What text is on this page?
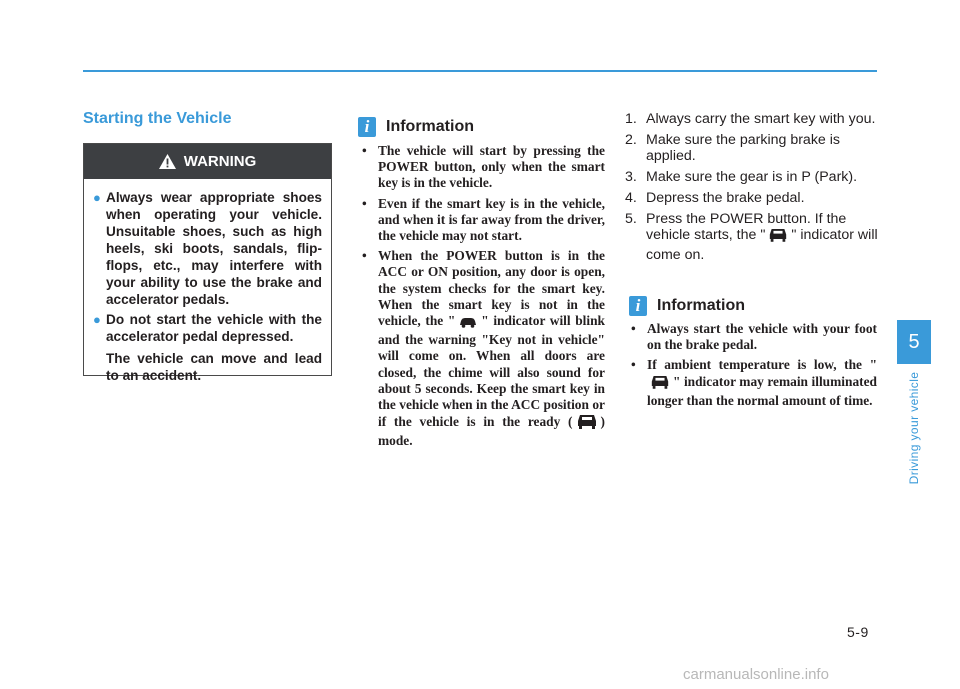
Starting the Vehicle
WARNING
● Always wear appropriate shoes when operating your vehicle. Unsuitable shoes, such as high heels, ski boots, sandals, flip-flops, etc., may interfere with your ability to use the brake and accelerator pedals.
● Do not start the vehicle with the accelerator pedal depressed.
The vehicle can move and lead to an accident.
i	Information
• The vehicle will start by pressing the POWER button, only when the smart key is in the vehicle.
• Even if the smart key is in the vehicle, and when it is far away from the driver, the vehicle may not start.
• When the POWER button is in the ACC or ON position, any door is open, the system checks for the smart key. When the smart key is not in the vehicle, the " " indicator will blink and the warning "Key not in vehicle" will come on. When all doors are closed, the chime will also sound for about 5 seconds. Keep the smart key in the vehicle when in the ACC position or if the vehicle is in the ready ( ) mode.
1. Always carry the smart key with you.
2. Make sure the parking brake is applied.
3. Make sure the gear is in P (Park).
4. Depress the brake pedal.
5. Press the POWER button. If the vehicle starts, the " " indicator will come on.
i	Information
• Always start the vehicle with your foot on the brake pedal.
• If ambient temperature is low, the "" indicator may remain illuminated longer than the normal amount of time.
5
Driving your vehicle
5-9
carmanualsonline.info
